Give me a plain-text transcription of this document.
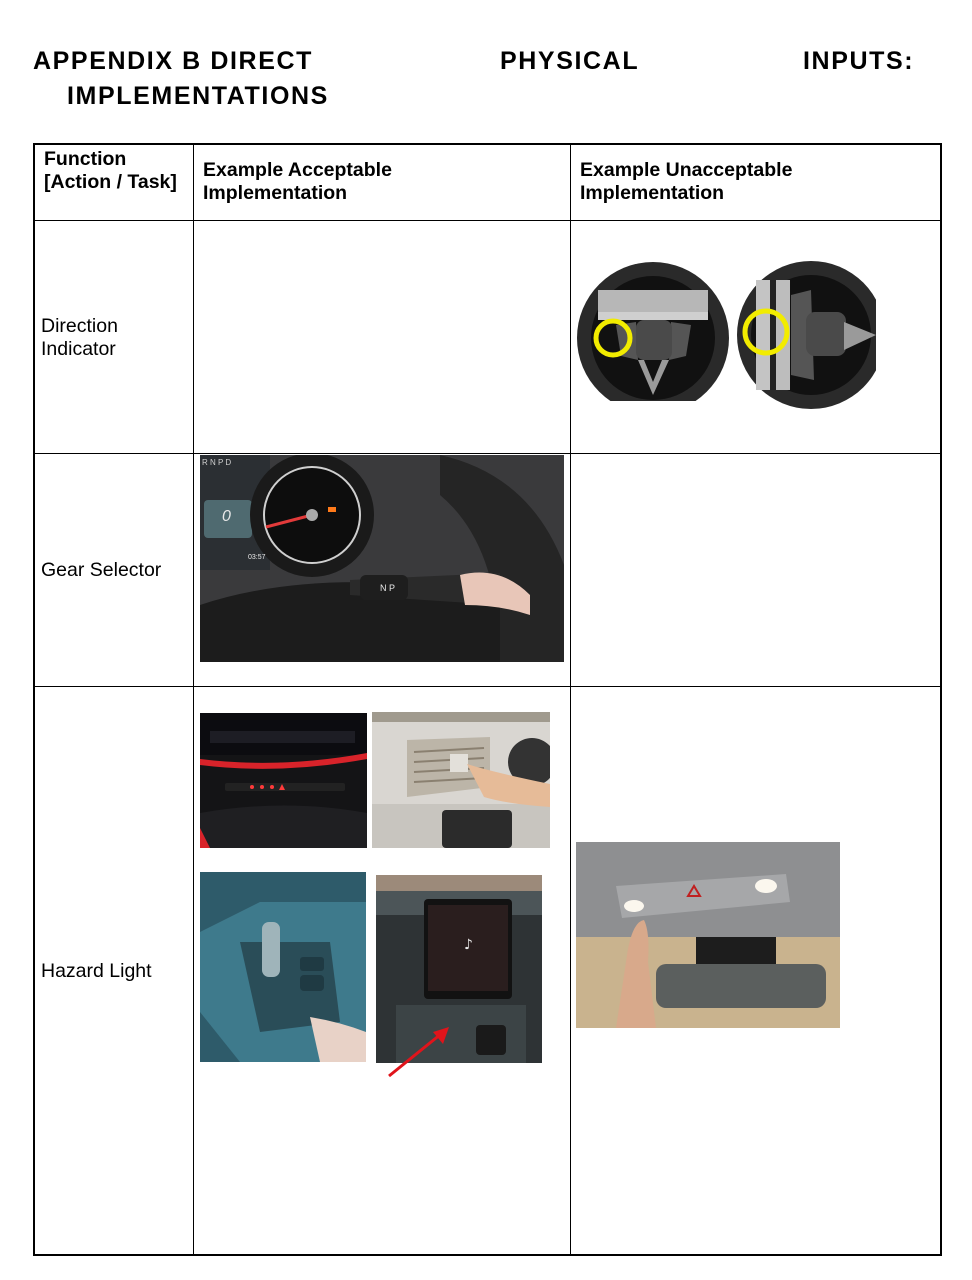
APPENDIX B DIRECT	PHYSICAL	INPUTS:
IMPLEMENTATIONS
Function [Action / Task]
Example Acceptable Implementation
Example Unacceptable Implementation
Direction Indicator
Gear Selector
Hazard Light
R N P D
0
03:57
N P
♪
